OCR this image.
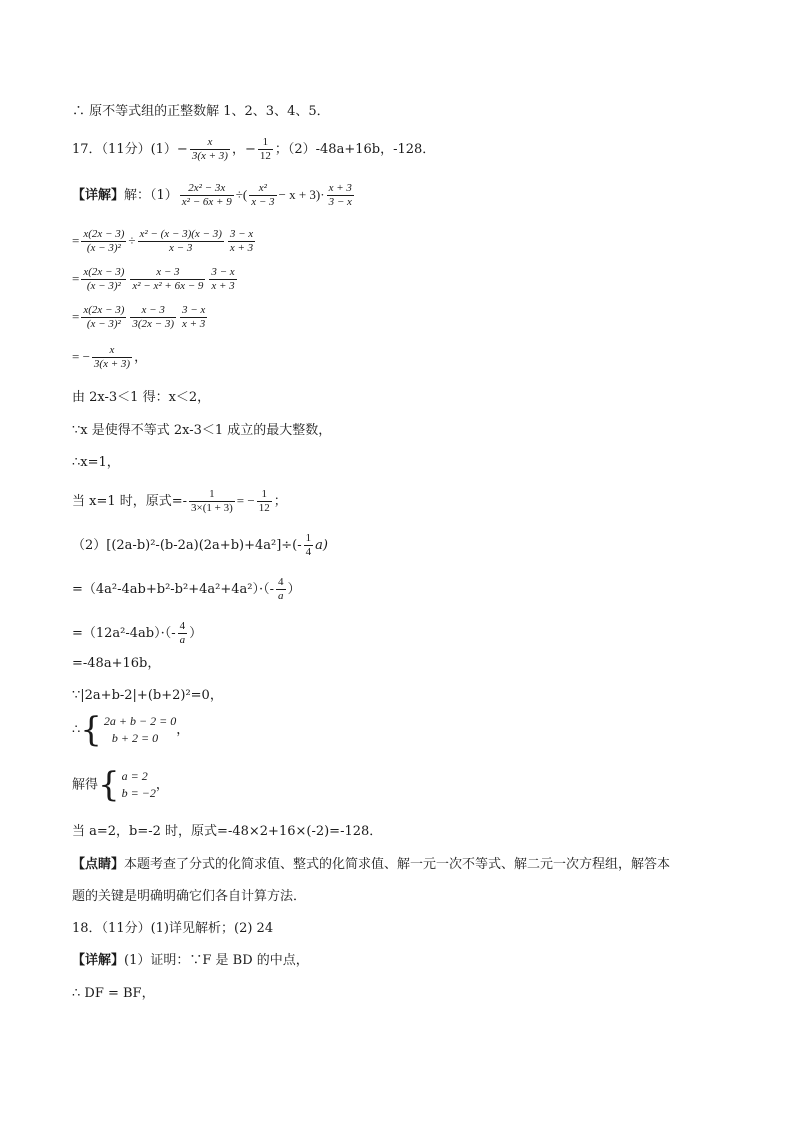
∴ 原不等式组的正整数解 1、2、3、4、5．
17．（11分）$(1)- \frac{x}{3(x + 3)}$ ，− $\frac{1}{12}$ ；（2）-48a+16b，-128．
【详解】解：$(1) \frac{\text{2x² − 3x}}{\text{x² − 6x + 9}}$ ÷( $\frac{\text{x²}}{x - 3} - x + 3)\cdot \frac{x + 3}{3 - x}$
= $\frac{x(2x - 3)}{\text{(x − 3)²}} \div \frac{\text{x² − (x − 3)(x − 3)}}{x - 3} \frac{3 - x}{x + 3}$
= $\frac{x(2x - 3)}{\text{(x − 3)²}} \frac{x - 3}{\text{x² − x² + 6x − 9}} \frac{3 - x}{x + 3}$
= $\frac{x(2x - 3)}{\text{(x − 3)²}} \frac{x - 3}{3(2x - 3)} \frac{3 - x}{x + 3}$
= − $\frac{x}{3(x + 3)}$ ，
由 2x-3＜1 得：x＜2，
∵x 是使得不等式 2x-3＜1 成立的最大整数，
∴x=1，
当 x=1 时，原式=- $\frac{1}{3\times(1 + 3)}$ = − $\frac{1}{12}$ ；
$(2)[(2a-b)^2-(b-2a)(2a+b)+4a^2]\div(- \frac{1}{4} a)$
$=(4a^2-4ab+b^2-b^2+4a^2+4a^2)\cdot(- \frac{4}{a}$ ）
$=(12a^2-4ab)\cdot(- \frac{4}{a}$ ）
=-48a+16b，
∵|2a+b-2|+(b+2)²=0，
∴{ 2a + b − 2 = 0
b + 2 = 0
，
解得{ a = 2
b = −2
，
当 a=2，b=-2 时，原式=-48×2+16×(-2)=-128．
【点睛】本题考查了分式的化简求值、整式的化简求值、解一元一次不等式、解二元一次方程组，解答本
题的关键是明确明确它们各自计算方法．
18．（11分）(1)详见解析；(2) 24
【详解】(1）证明：∵F 是 BD 的中点，
∴ DF = BF，
